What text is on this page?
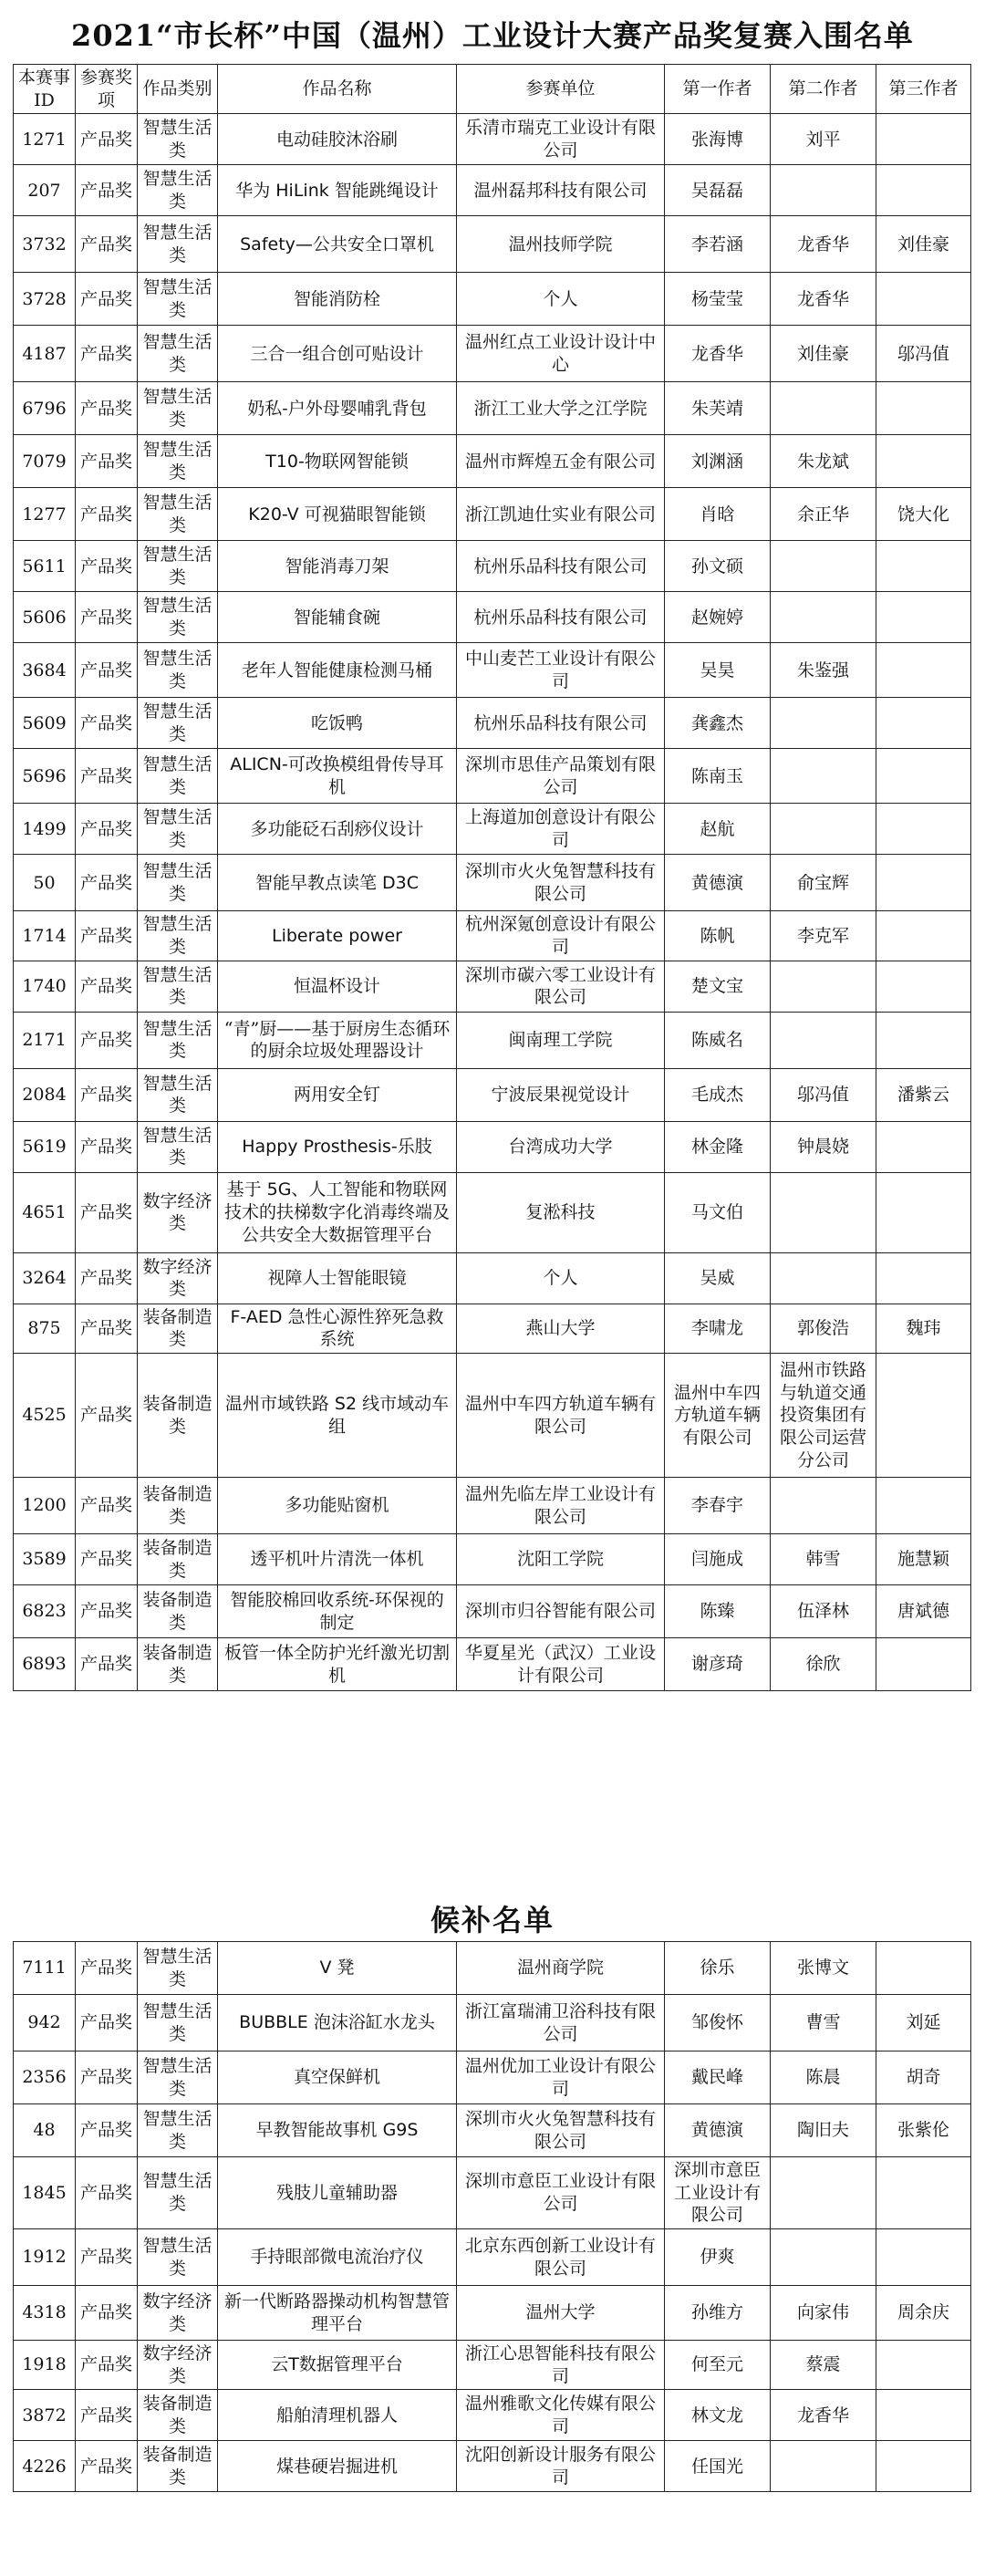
2021“市长杯”中国（温州）工业设计大赛产品奖复赛入围名单
本赛事ID	参赛奖项	作品类别	作品名称	参赛单位	第一作者	第二作者	第三作者
1271	产品奖	智慧生活类	电动硅胶沐浴刷	乐清市瑞克工业设计有限公司	张海博	刘平	
207	产品奖	智慧生活类	华为 HiLink 智能跳绳设计	温州磊邦科技有限公司	吴磊磊		
3732	产品奖	智慧生活类	Safety—公共安全口罩机	温州技师学院	李若涵	龙香华	刘佳豪
3728	产品奖	智慧生活类	智能消防栓	个人	杨莹莹	龙香华	
4187	产品奖	智慧生活类	三合一组合创可贴设计	温州红点工业设计设计中心	龙香华	刘佳豪	邬冯值
6796	产品奖	智慧生活类	奶私-户外母婴哺乳背包	浙江工业大学之江学院	朱芙靖		
7079	产品奖	智慧生活类	T10-物联网智能锁	温州市辉煌五金有限公司	刘渊涵	朱龙斌	
1277	产品奖	智慧生活类	K20-V 可视猫眼智能锁	浙江凯迪仕实业有限公司	肖晗	余正华	饶大化
5611	产品奖	智慧生活类	智能消毒刀架	杭州乐品科技有限公司	孙文硕		
5606	产品奖	智慧生活类	智能辅食碗	杭州乐品科技有限公司	赵婉婷		
3684	产品奖	智慧生活类	老年人智能健康检测马桶	中山麦芒工业设计有限公司	吴昊	朱鉴强	
5609	产品奖	智慧生活类	吃饭鸭	杭州乐品科技有限公司	龚鑫杰		
5696	产品奖	智慧生活类	ALICN-可改换模组骨传导耳机	深圳市思佳产品策划有限公司	陈南玉		
1499	产品奖	智慧生活类	多功能砭石刮痧仪设计	上海道加创意设计有限公司	赵航		
50	产品奖	智慧生活类	智能早教点读笔 D3C	深圳市火火兔智慧科技有限公司	黄德演	俞宝辉	
1714	产品奖	智慧生活类	Liberate power	杭州深氪创意设计有限公司	陈帆	李克军	
1740	产品奖	智慧生活类	恒温杯设计	深圳市碳六零工业设计有限公司	楚文宝		
2171	产品奖	智慧生活类	“青”厨——基于厨房生态循环的厨余垃圾处理器设计	闽南理工学院	陈威名		
2084	产品奖	智慧生活类	两用安全钉	宁波辰果视觉设计	毛成杰	邬冯值	潘紫云
5619	产品奖	智慧生活类	Happy Prosthesis-乐肢	台湾成功大学	林金隆	钟晨娆	
4651	产品奖	数字经济类	基于 5G、人工智能和物联网技术的扶梯数字化消毒终端及公共安全大数据管理平台	复淞科技	马文伯		
3264	产品奖	数字经济类	视障人士智能眼镜	个人	吴威		
875	产品奖	装备制造类	F-AED 急性心源性猝死急救系统	燕山大学	李啸龙	郭俊浩	魏玮
4525	产品奖	装备制造类	温州市域铁路 S2 线市域动车组	温州中车四方轨道车辆有限公司	温州中车四方轨道车辆有限公司	温州市铁路与轨道交通投资集团有限公司运营分公司	
1200	产品奖	装备制造类	多功能贴窗机	温州先临左岸工业设计有限公司	李春宇		
3589	产品奖	装备制造类	透平机叶片清洗一体机	沈阳工学院	闫施成	韩雪	施慧颖
6823	产品奖	装备制造类	智能胶棉回收系统-环保视的制定	深圳市归谷智能有限公司	陈臻	伍泽林	唐斌德
6893	产品奖	装备制造类	板管一体全防护光纤激光切割机	华夏星光（武汉）工业设计有限公司	谢彦琦	徐欣	
候补名单
7111	产品奖	智慧生活类	V 凳	温州商学院	徐乐	张博文	
942	产品奖	智慧生活类	BUBBLE 泡沫浴缸水龙头	浙江富瑞浦卫浴科技有限公司	邹俊怀	曹雪	刘延
2356	产品奖	智慧生活类	真空保鲜机	温州优加工业设计有限公司	戴民峰	陈晨	胡奇
48	产品奖	智慧生活类	早教智能故事机 G9S	深圳市火火兔智慧科技有限公司	黄德演	陶旧夫	张紫伦
1845	产品奖	智慧生活类	残肢儿童辅助器	深圳市意臣工业设计有限公司	深圳市意臣工业设计有限公司		
1912	产品奖	智慧生活类	手持眼部微电流治疗仪	北京东西创新工业设计有限公司	伊爽		
4318	产品奖	数字经济类	新一代断路器操动机构智慧管理平台	温州大学	孙维方	向家伟	周余庆
1918	产品奖	数字经济类	云T数据管理平台	浙江心思智能科技有限公司	何至元	蔡震	
3872	产品奖	装备制造类	船舶清理机器人	温州雅歌文化传媒有限公司	林文龙	龙香华	
4226	产品奖	装备制造类	煤巷硬岩掘进机	沈阳创新设计服务有限公司	任国光		
